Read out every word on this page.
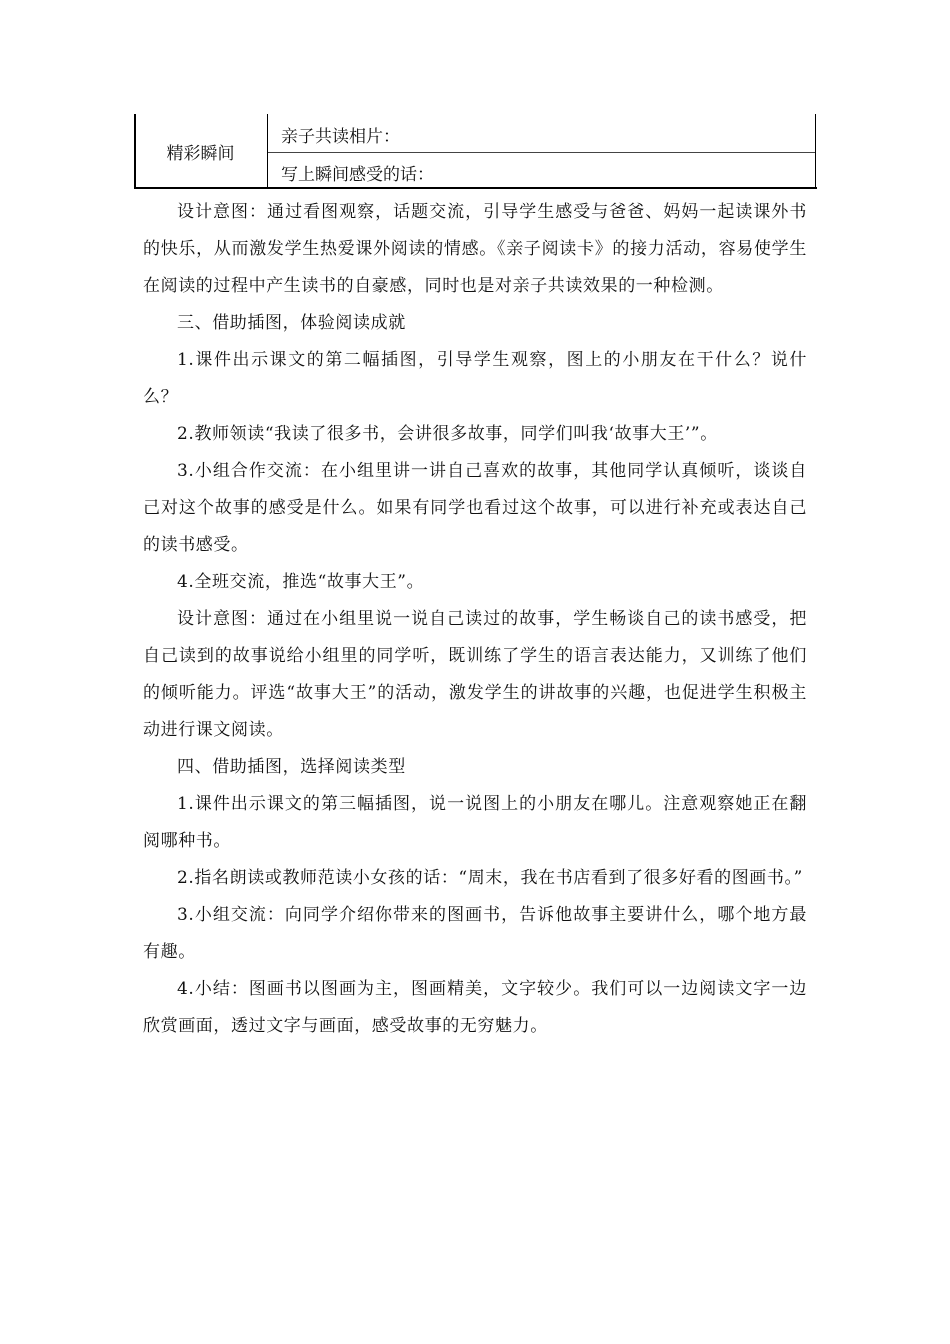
精彩瞬间
亲子共读相片：
写上瞬间感受的话：

设计意图：通过看图观察，话题交流，引导学生感受与爸爸、妈妈一起读课外书的快乐，从而激发学生热爱课外阅读的情感。《亲子阅读卡》的接力活动，容易使学生在阅读的过程中产生读书的自豪感，同时也是对亲子共读效果的一种检测。

三、借助插图，体验阅读成就

1.课件出示课文的第二幅插图，引导学生观察，图上的小朋友在干什么？说什么？

2.教师领读“我读了很多书，会讲很多故事，同学们叫我‘故事大王’”。

3.小组合作交流：在小组里讲一讲自己喜欢的故事，其他同学认真倾听，谈谈自己对这个故事的感受是什么。如果有同学也看过这个故事，可以进行补充或表达自己的读书感受。

4.全班交流，推选“故事大王”。

设计意图：通过在小组里说一说自己读过的故事，学生畅谈自己的读书感受，把自己读到的故事说给小组里的同学听，既训练了学生的语言表达能力，又训练了他们的倾听能力。评选“故事大王”的活动，激发学生的讲故事的兴趣，也促进学生积极主动进行课文阅读。

四、借助插图，选择阅读类型

1.课件出示课文的第三幅插图，说一说图上的小朋友在哪儿。注意观察她正在翻阅哪种书。

2.指名朗读或教师范读小女孩的话：“周末，我在书店看到了很多好看的图画书。”

3.小组交流：向同学介绍你带来的图画书，告诉他故事主要讲什么，哪个地方最有趣。

4.小结：图画书以图画为主，图画精美，文字较少。我们可以一边阅读文字一边欣赏画面，透过文字与画面，感受故事的无穷魅力。
